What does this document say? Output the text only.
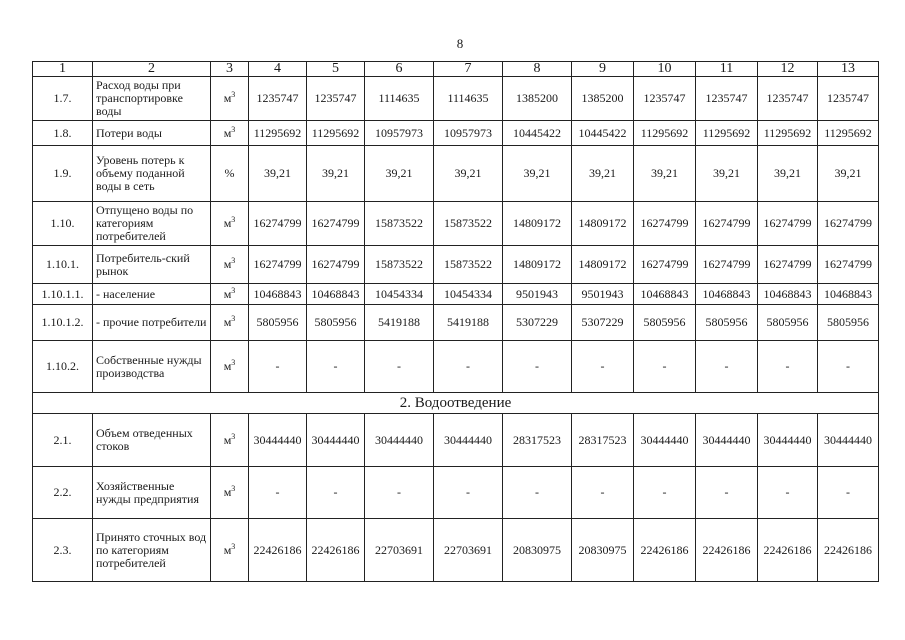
8
1	2	3	4	5	6	7	8	9	10	11	12	13
1.7.	Расход воды при транспортировке воды	$м^3$	1235747	1235747	1114635	1114635	1385200	1385200	1235747	1235747	1235747	1235747
1.8.	Потери воды	$м^3$	11295692	11295692	10957973	10957973	10445422	10445422	11295692	11295692	11295692	11295692
1.9.	Уровень потерь к объему поданной воды в сеть	%	39,21	39,21	39,21	39,21	39,21	39,21	39,21	39,21	39,21	39,21
1.10.	Отпущено воды по категориям потребителей	$м^3$	16274799	16274799	15873522	15873522	14809172	14809172	16274799	16274799	16274799	16274799
1.10.1.	Потребитель-ский рынок	$м^3$	16274799	16274799	15873522	15873522	14809172	14809172	16274799	16274799	16274799	16274799
1.10.1.1.	- население	$м^3$	10468843	10468843	10454334	10454334	9501943	9501943	10468843	10468843	10468843	10468843
1.10.1.2.	- прочие потребители	$м^3$	5805956	5805956	5419188	5419188	5307229	5307229	5805956	5805956	5805956	5805956
1.10.2.	Собственные нужды производства	$м^3$	-	-	-	-	-	-	-	-	-	-
2. Водоотведение												
2.1.	Объем отведенных стоков	$м^3$	30444440	30444440	30444440	30444440	28317523	28317523	30444440	30444440	30444440	30444440
2.2.	Хозяйственные нужды предприятия	$м^3$	-	-	-	-	-	-	-	-	-	-
2.3.	Принято сточных вод по категориям потребителей	$м^3$	22426186	22426186	22703691	22703691	20830975	20830975	22426186	22426186	22426186	22426186
